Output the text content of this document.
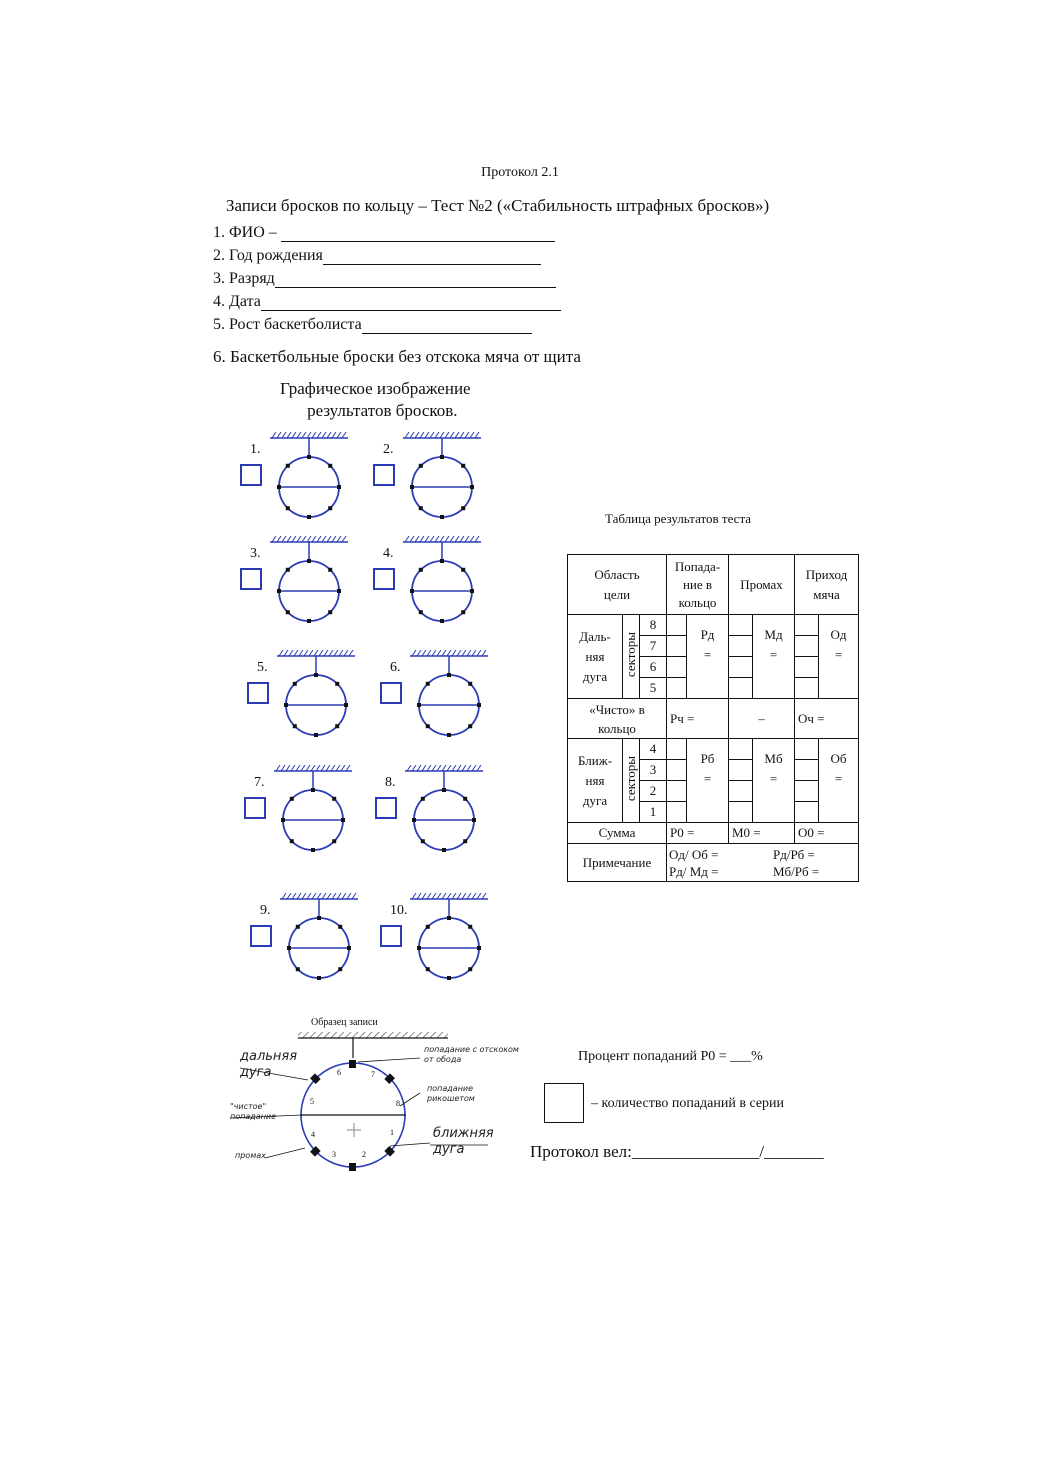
Протокол 2.1
Записи бросков по кольцу – Тест №2 («Стабильность штрафных бросков»)
1. ФИО –
2. Год рождения
3. Разряд
4. Дата
5. Рост баскетболиста
6. Баскетбольные броски без отскока мяча от щита
Графическое изображение
результатов бросков.
1.	2.
3.	4.
5.	6.
7.	8.
9.	10.
Таблица результатов теста
Область цели			Попада- ние в кольцо		Промах		Приход мяча	

Даль- няя дуга	секторы	8		Pд =		Mд =		Oд =

		7						
		6						
		5						

«Чисто» в кольцо			Pч =		–		Oч =	

Ближ- няя дуга	секторы	4		Pб =		Mб =		Oб =

		3						
		2						
		1						
Сумма			P0 =		M0 =		O0 =	
Примечание			Oд/ Oб = Pд/Pб =
Pд/ Mд = Mб/Pб =					
Образец записи
дальняя дуга
попадание с отскоком от обода
попадание рикошетом
"чистое" попадание
ближняя дуга
промах
1
2
3
4
5
6	7
8
Процент попаданий P0 = ___%
– количество попаданий в серии
Протокол вел:_______________/_______
